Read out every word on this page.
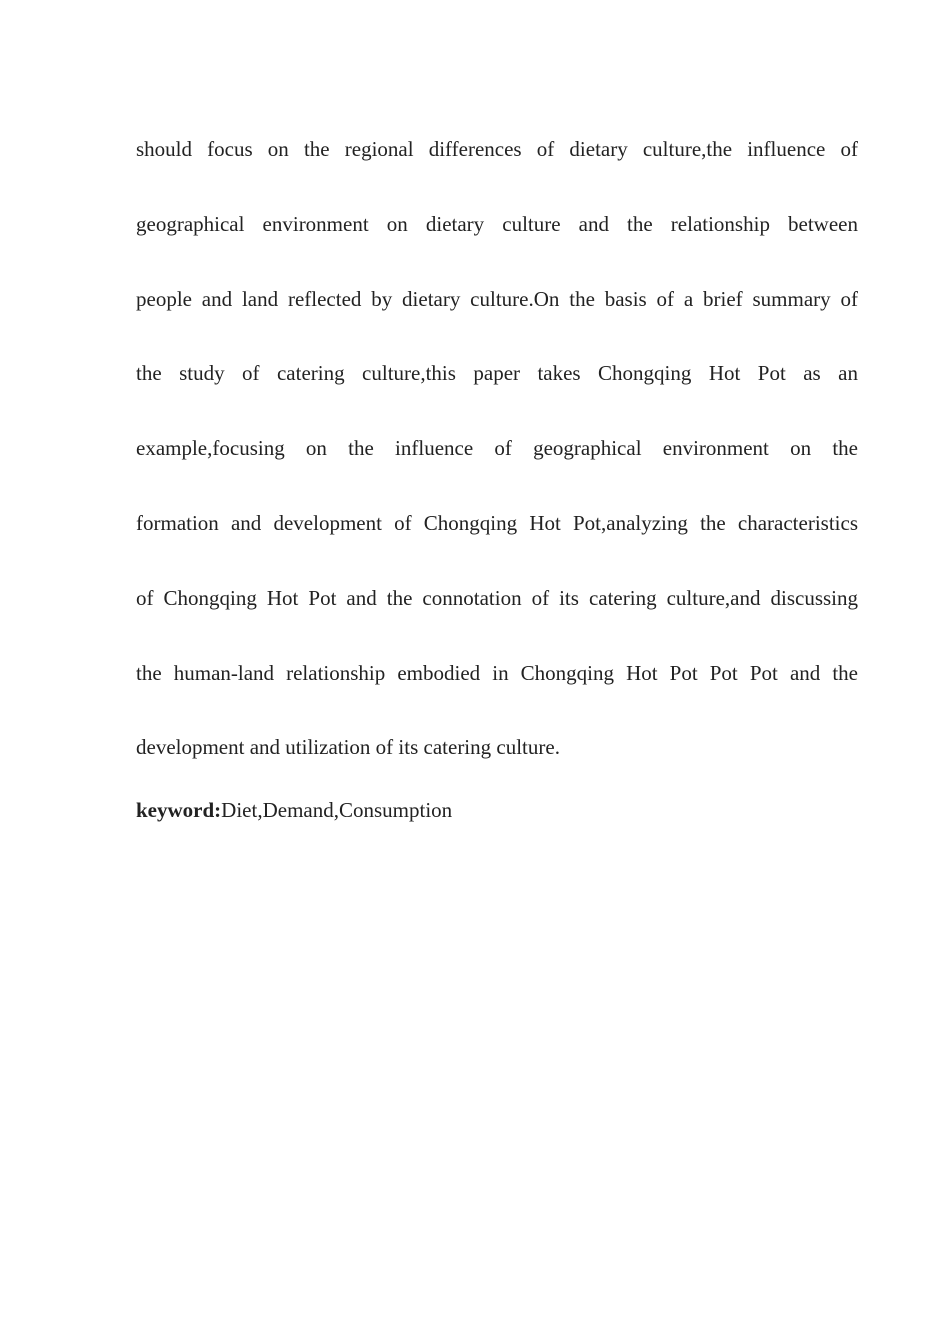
should focus on the regional differences of dietary culture,the influence of
geographical environment on dietary culture and the relationship between
people and land reflected by dietary culture.On the basis of a brief summary of
the study of catering culture,this paper takes Chongqing Hot Pot as an
example,focusing on the influence of geographical environment on the
formation and development of Chongqing Hot Pot,analyzing the characteristics
of Chongqing Hot Pot and the connotation of its catering culture,and discussing
the human-land relationship embodied in Chongqing Hot Pot Pot Pot and the
development and utilization of its catering culture.

keyword:Diet,Demand,Consumption
